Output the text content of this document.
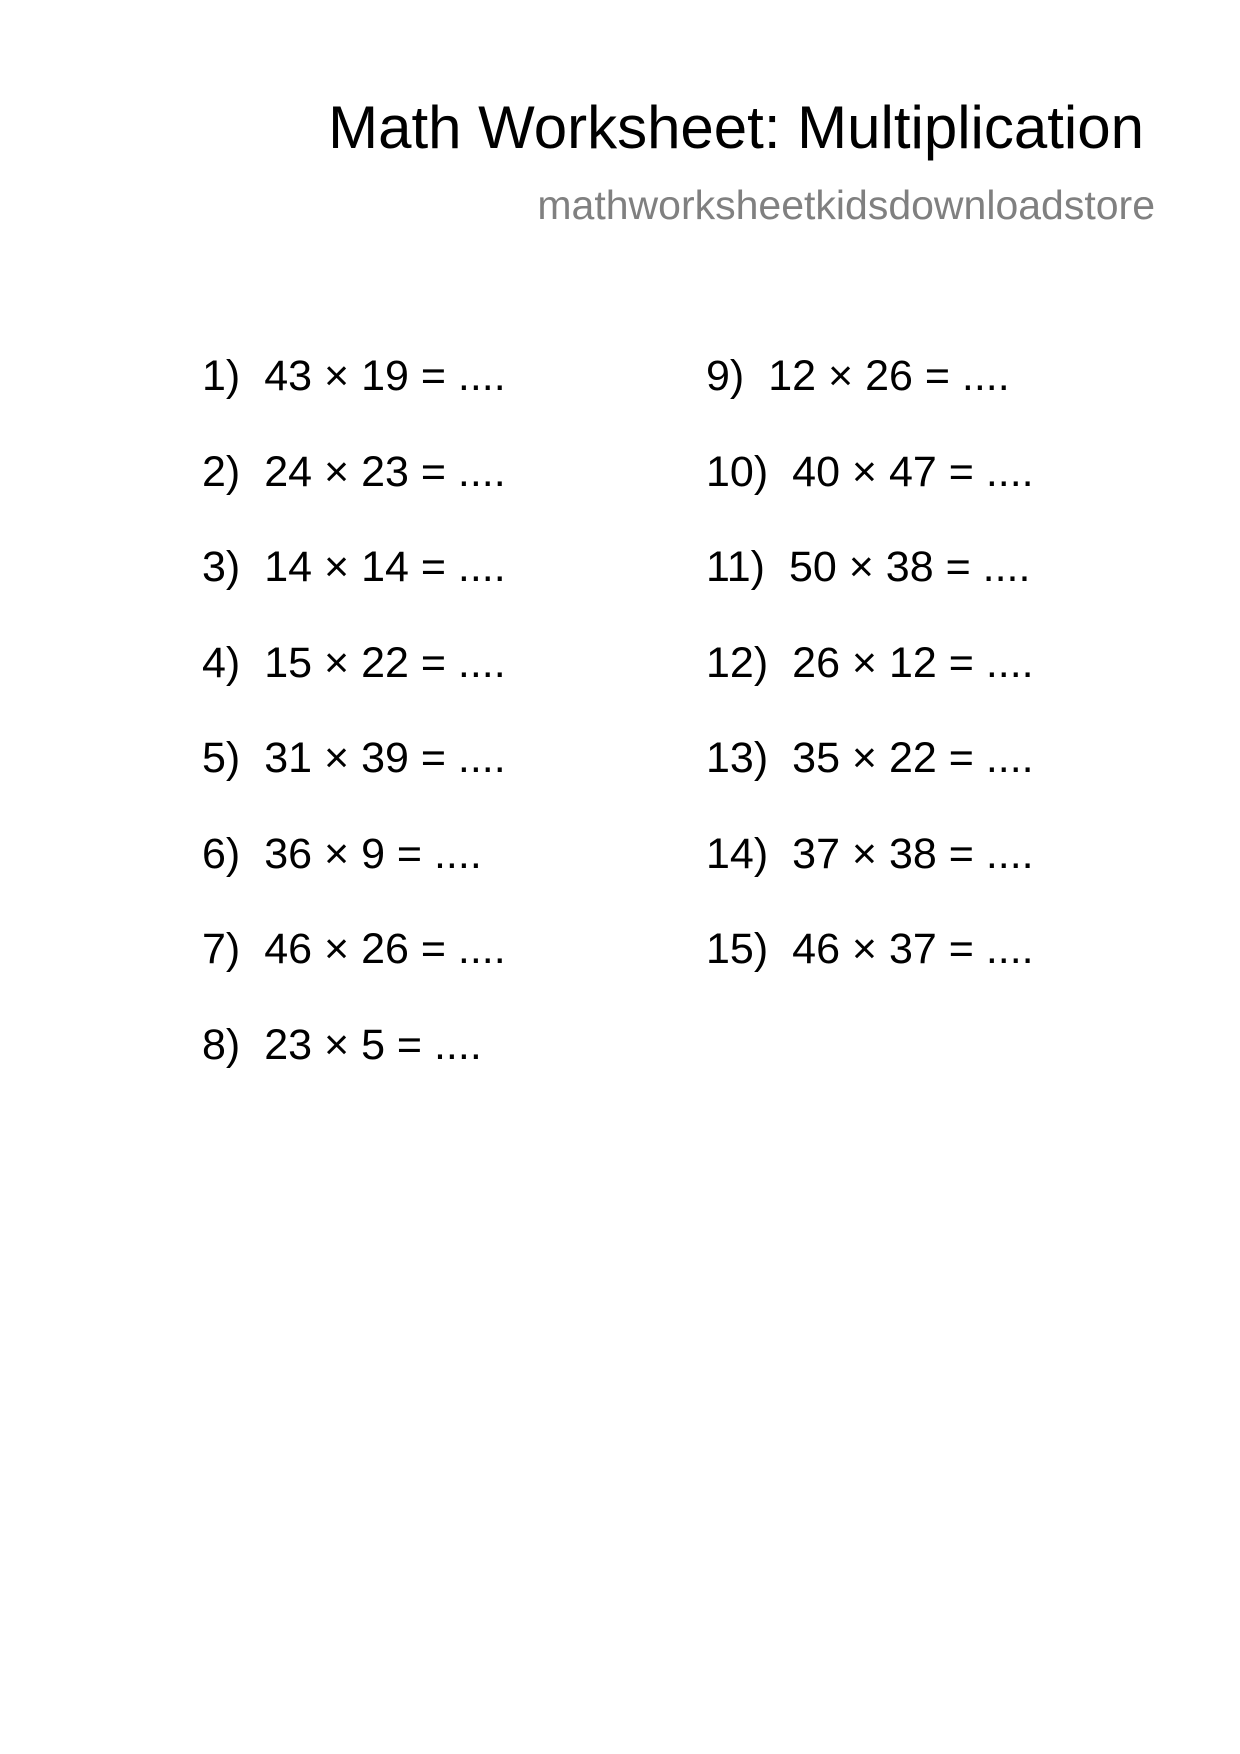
Math Worksheet: Multiplication
mathworksheetkidsdownloadstore
1) 43 × 19 = ....
2) 24 × 23 = ....
3) 14 × 14 = ....
4) 15 × 22 = ....
5) 31 × 39 = ....
6) 36 × 9 = ....
7) 46 × 26 = ....
8) 23 × 5 = ....
9) 12 × 26 = ....
10) 40 × 47 = ....
11) 50 × 38 = ....
12) 26 × 12 = ....
13) 35 × 22 = ....
14) 37 × 38 = ....
15) 46 × 37 = ....
